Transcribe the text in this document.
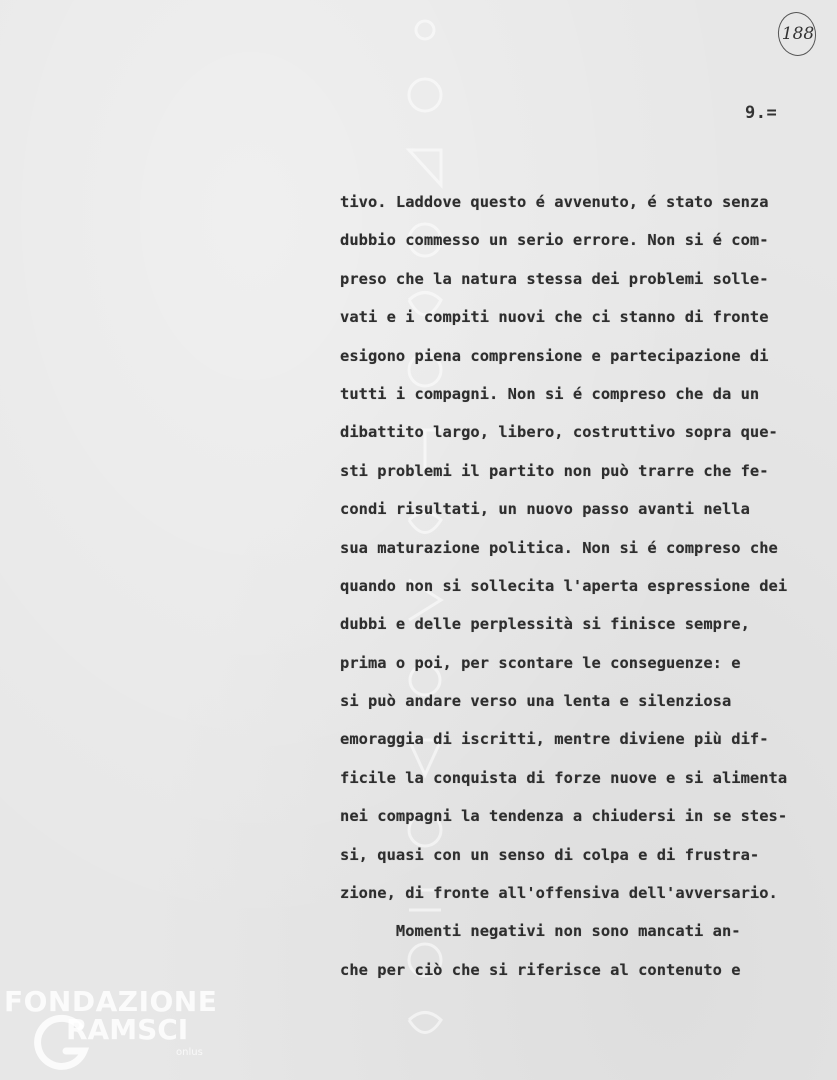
188
9.=
tivo. Laddove questo é avvenuto, é stato senza
dubbio commesso un serio errore. Non si é com-
preso che la natura stessa dei problemi solle-
vati e i compiti nuovi che ci stanno di fronte
esigono piena comprensione e partecipazione di
tutti i compagni. Non si é compreso che da un
dibattito largo, libero, costruttivo sopra que-
sti problemi il partito non può trarre che fe-
condi risultati, un nuovo passo avanti nella
sua maturazione politica. Non si é compreso che
quando non si sollecita l'aperta espressione dei
dubbi e delle perplessità si finisce sempre,
prima o poi, per scontare le conseguenze: e
si può andare verso una lenta e silenziosa
emoraggia di iscritti, mentre diviene più dif-
ficile la conquista di forze nuove e si alimenta
nei compagni la tendenza a chiudersi in se stes-
si, quasi con un senso di colpa e di frustra-
zione, di fronte all'offensiva dell'avversario.
Momenti negativi non sono mancati an-
che per ciò che si riferisce al contenuto e
FONDAZIONE
RAMSCI
onlus
